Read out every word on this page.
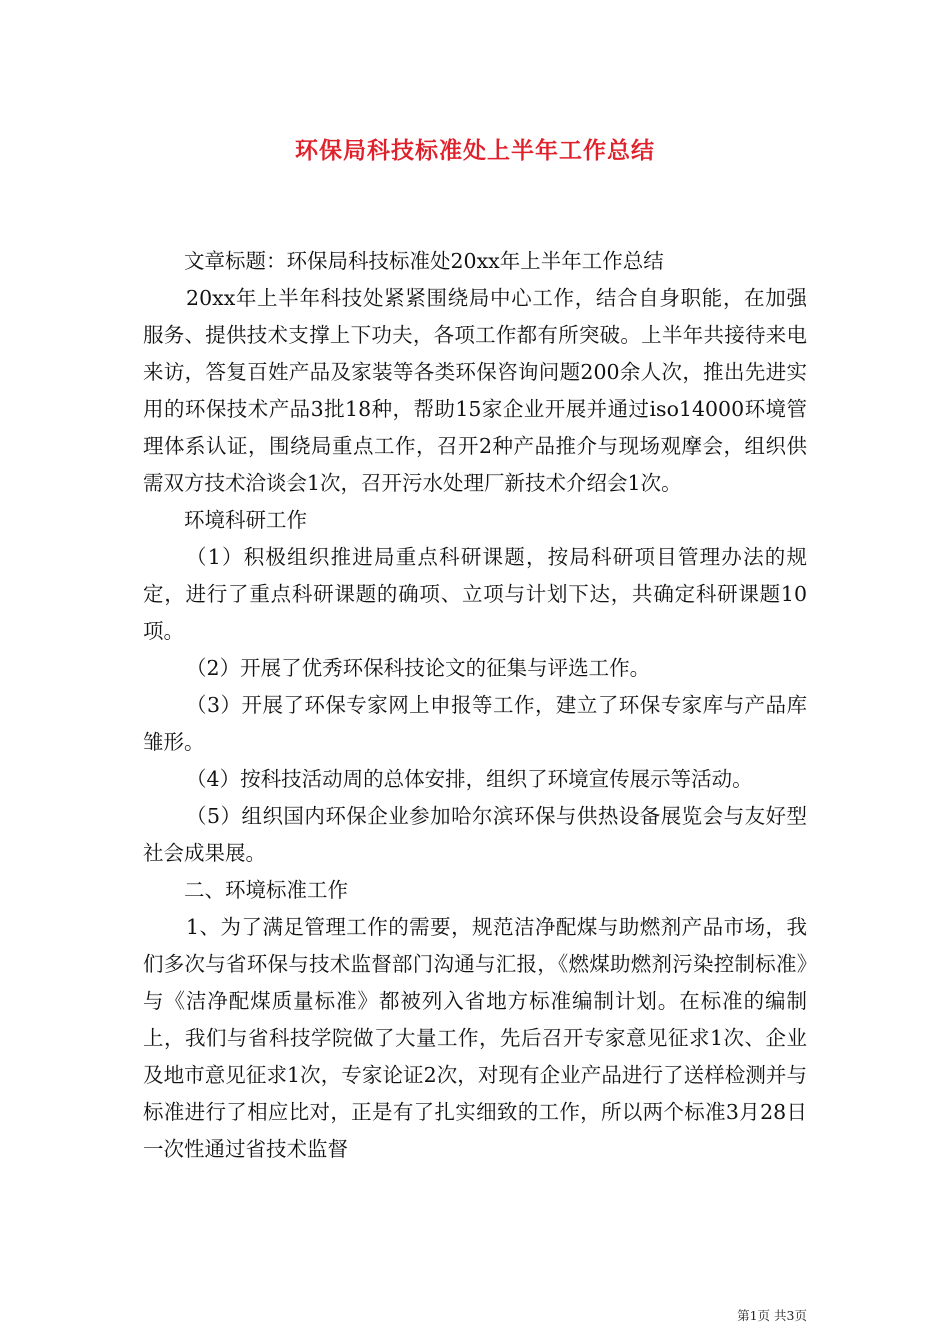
环保局科技标准处上半年工作总结

文章标题：环保局科技标准处20xx年上半年工作总结

20xx年上半年科技处紧紧围绕局中心工作，结合自身职能，在加强服务、提供技术支撑上下功夫，各项工作都有所突破。上半年共接待来电来访，答复百姓产品及家装等各类环保咨询问题200余人次，推出先进实用的环保技术产品3批18种，帮助15家企业开展并通过iso14000环境管理体系认证，围绕局重点工作，召开2种产品推介与现场观摩会，组织供需双方技术洽谈会1次，召开污水处理厂新技术介绍会1次。

环境科研工作

（1）积极组织推进局重点科研课题，按局科研项目管理办法的规定，进行了重点科研课题的确项、立项与计划下达，共确定科研课题10项。

（2）开展了优秀环保科技论文的征集与评选工作。

（3）开展了环保专家网上申报等工作，建立了环保专家库与产品库雏形。

（4）按科技活动周的总体安排，组织了环境宣传展示等活动。

（5）组织国内环保企业参加哈尔滨环保与供热设备展览会与友好型社会成果展。

二、环境标准工作

1、为了满足管理工作的需要，规范洁净配煤与助燃剂产品市场，我们多次与省环保与技术监督部门沟通与汇报，《燃煤助燃剂污染控制标准》与《洁净配煤质量标准》都被列入省地方标准编制计划。在标准的编制上，我们与省科技学院做了大量工作，先后召开专家意见征求1次、企业及地市意见征求1次，专家论证2次，对现有企业产品进行了送样检测并与标准进行了相应比对，正是有了扎实细致的工作，所以两个标准3月28日一次性通过省技术监督

第1页 共3页
